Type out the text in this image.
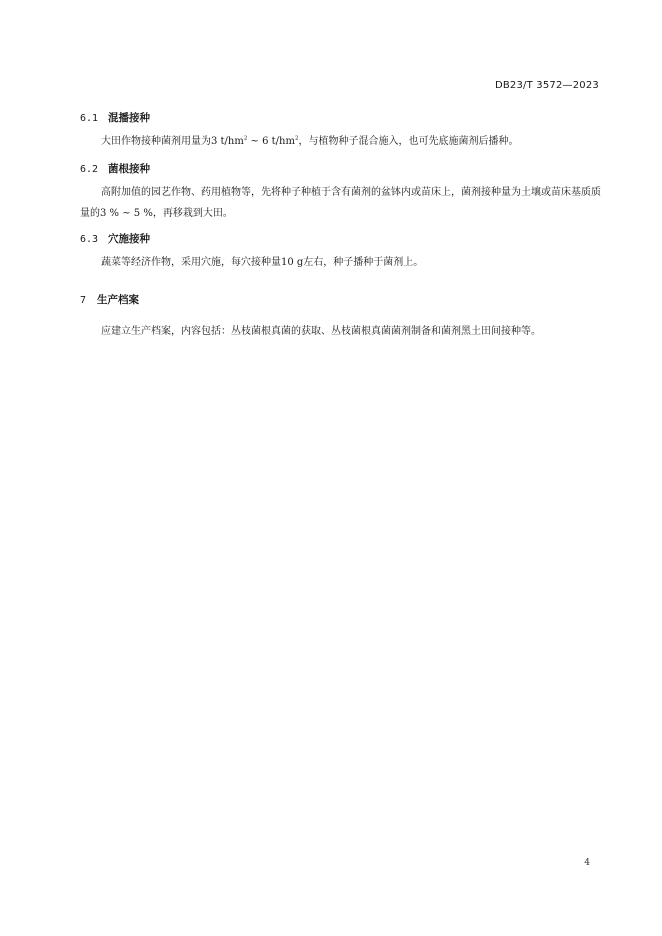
DB23/T 3572—2023
6.1 混播接种

大田作物接种菌剂用量为3 $t/hm^2$ ~ 6 $t/hm^2$，与植物种子混合施入，也可先底施菌剂后播种。

6.2 菌根接种

高附加值的园艺作物、药用植物等，先将种子种植于含有菌剂的盆钵内或苗床上，菌剂接种量为土壤或苗床基质质量的3 % ~ 5 %，再移栽到大田。

6.3 穴施接种

蔬菜等经济作物，采用穴施，每穴接种量10 g左右，种子播种于菌剂上。

7 生产档案

应建立生产档案，内容包括：丛枝菌根真菌的获取、丛枝菌根真菌菌剂制备和菌剂黑土田间接种等。

4
